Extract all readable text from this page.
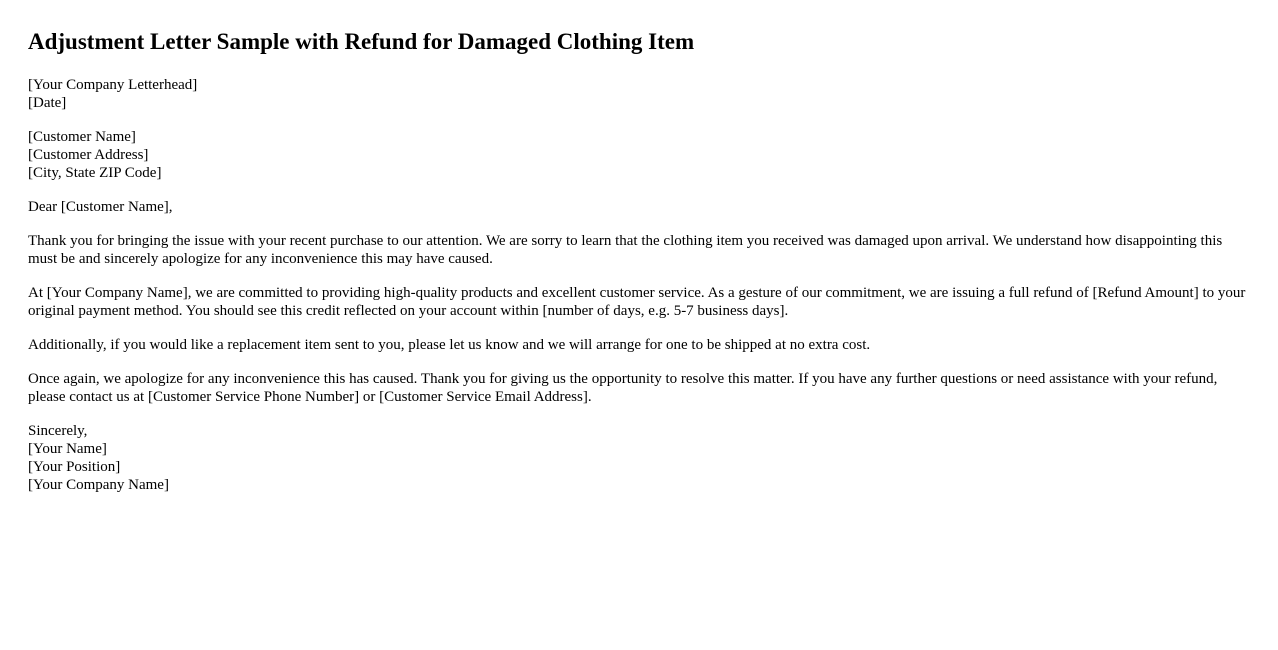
Adjustment Letter Sample with Refund for Damaged Clothing Item
[Your Company Letterhead]
[Date]
[Customer Name]
[Customer Address]
[City, State ZIP Code]

Dear [Customer Name],

Thank you for bringing the issue with your recent purchase to our attention. We are sorry to learn that the clothing item you received was damaged upon arrival. We understand how disappointing this must be and sincerely apologize for any inconvenience this may have caused.

At [Your Company Name], we are committed to providing high-quality products and excellent customer service. As a gesture of our commitment, we are issuing a full refund of [Refund Amount] to your original payment method. You should see this credit reflected on your account within [number of days, e.g. 5-7 business days].

Additionally, if you would like a replacement item sent to you, please let us know and we will arrange for one to be shipped at no extra cost.

Once again, we apologize for any inconvenience this has caused. Thank you for giving us the opportunity to resolve this matter. If you have any further questions or need assistance with your refund, please contact us at [Customer Service Phone Number] or [Customer Service Email Address].

Sincerely,
[Your Name]
[Your Position]
[Your Company Name]
